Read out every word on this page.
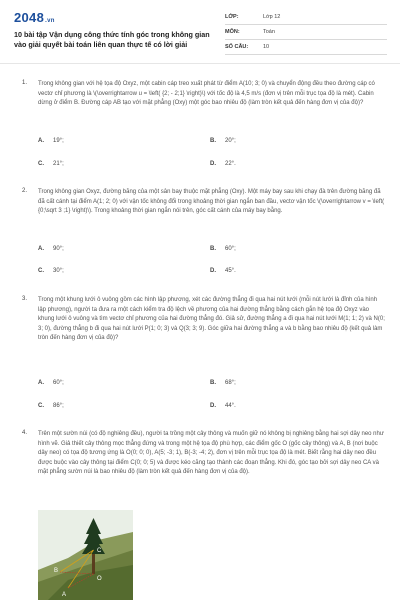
2048.vn
10 bài tập Vận dụng công thức tính góc trong không gian vào giải quyết bài toán liên quan thực tế có lời giải
LỚP:	Lớp 12
MÔN:	Toán
SỐ CÂU:	10
1. Trong không gian với hệ tọa độ Oxyz, một cabin cáp treo xuất phát từ điểm A(10; 3; 0) và chuyển động đều theo đường cáp có vectơ chỉ phương là \(\overrightarrow u = \left( {2; - 2;1} \right)\) với tốc độ là 4,5 m/s (đơn vị trên mỗi trục tọa độ là mét). Cabin dừng ở điểm B. Đường cáp AB tạo với mặt phẳng (Oxy) một góc bao nhiêu độ (làm tròn kết quả đến hàng đơn vị của độ)?
A. 19°;	B. 20°;
C. 21°;	D. 22°.
2. Trong không gian Oxyz, đường băng của một sân bay thuộc mặt phẳng (Oxy). Một máy bay sau khi chạy đà trên đường băng đã đã cất cánh tại điểm A(1; 2; 0) với vận tốc không đổi trong khoảng thời gian ngắn ban đầu, vectơ vận tốc \(\overrightarrow v = \left( {0;\sqrt 3 ;1} \right)\). Trong khoảng thời gian ngắn nói trên, góc cất cánh của máy bay bằng.
A. 90°;	B. 60°;
C. 30°;	D. 45°.
3. Trong một khung lưới ô vuông gồm các hình lập phương, xét các đường thẳng đi qua hai nút lưới (mỗi nút lưới là đỉnh của hình lập phương), người ta đưa ra một cách kiểm tra độ lệch về phương của hai đường thẳng bằng cách gắn hệ tọa độ Oxyz vào khung lưới ô vuông và tìm vectơ chỉ phương của hai đường thẳng đó. Giả sử, đường thẳng a đi qua hai nút lưới M(1; 1; 2) và N(0; 3; 0), đường thẳng b đi qua hai nút lưới P(1; 0; 3) và Q(3; 3; 9). Góc giữa hai đường thẳng a và b bằng bao nhiêu độ (kết quả làm tròn đến hàng đơn vị của độ)?
A. 60°;	B. 68°;
C. 86°;	D. 44°.
4. Trên một sườn núi (có độ nghiêng đều), người ta trồng một cây thông và muốn giữ nó không bị nghiêng bằng hai sợi dây neo như hình vẽ. Giả thiết cây thông mọc thẳng đứng và trong một hệ tọa độ phù hợp, các điểm gốc O (gốc cây thông) và A, B (nơi buộc dây neo) có tọa độ tương ứng là O(0; 0; 0), A(5; -3; 1), B(-3; -4; 2), đơn vị trên mỗi trục tọa độ là mét. Biết rằng hai dây neo đều được buộc vào cây thông tại điểm C(0; 0; 5) và được kéo căng tạo thành các đoạn thẳng. Khi đó, góc tạo bởi sợi dây neo CA và mặt phẳng sườn núi là bao nhiêu độ (làm tròn kết quả đến hàng đơn vị của độ).
C
B
O
A
